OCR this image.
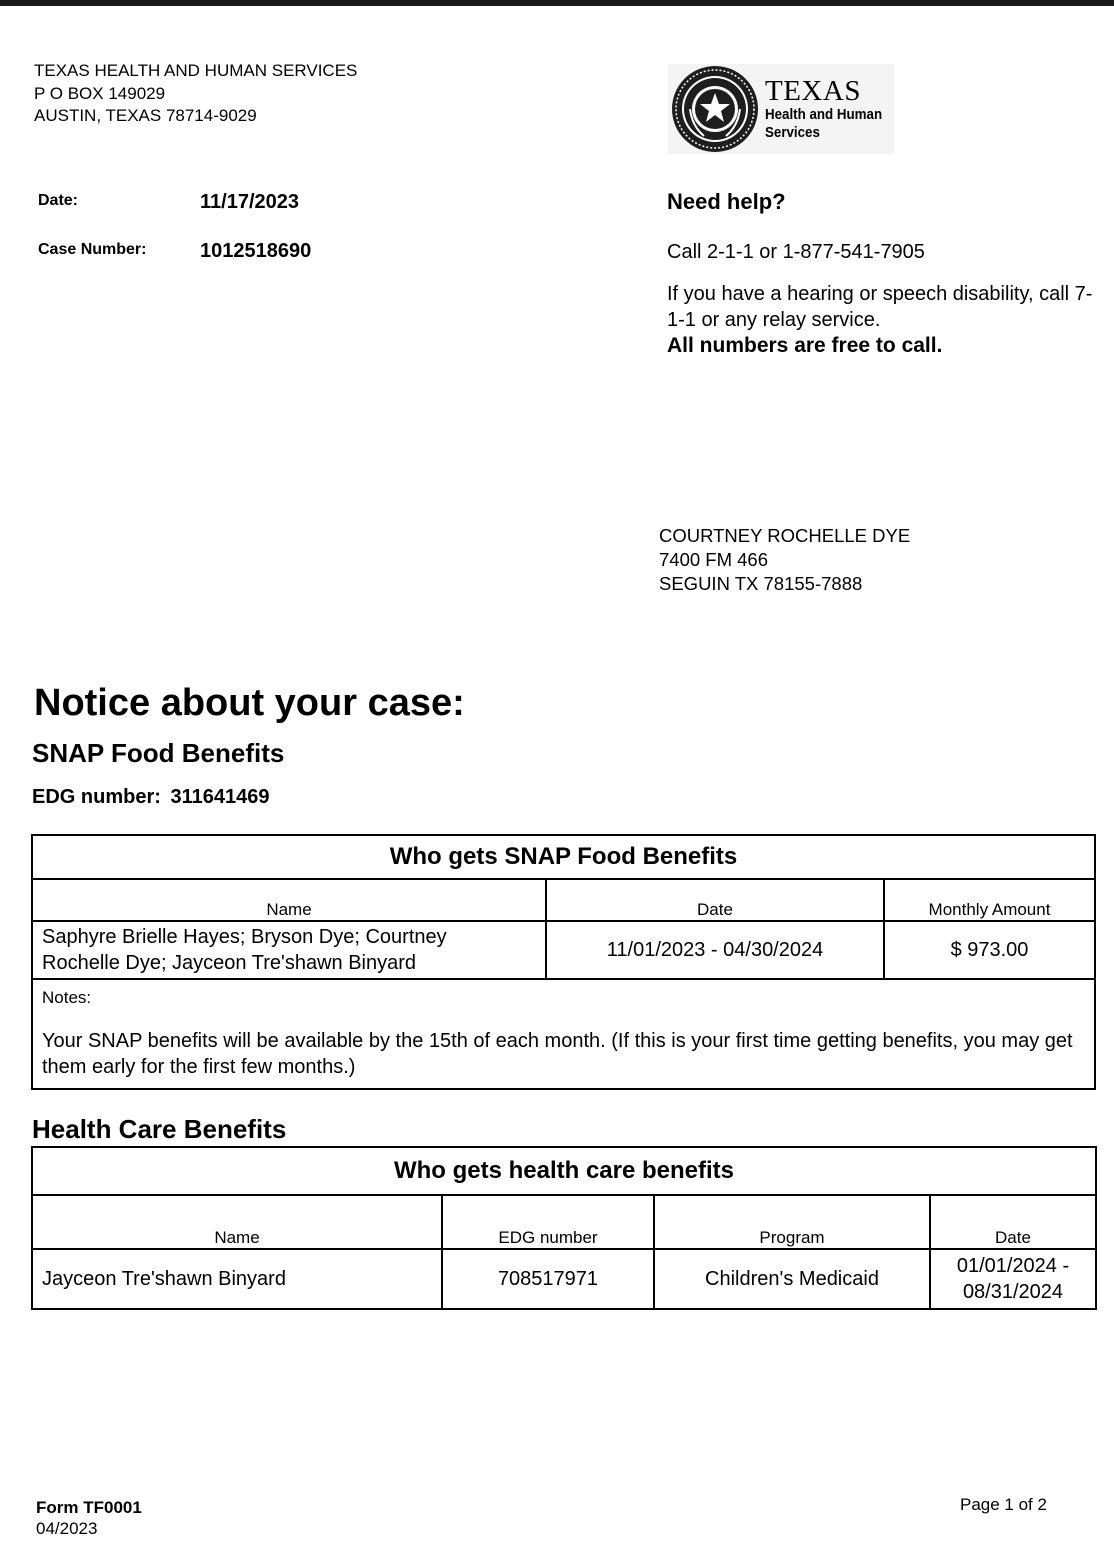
TEXAS HEALTH AND HUMAN SERVICES
P O BOX 149029
AUSTIN, TEXAS 78714-9029
TEXAS
Health and Human
Services
Date:	11/17/2023
Case Number:	1012518690
Need help?
Call 2-1-1 or 1-877-541-7905
If you have a hearing or speech disability, call 7-1-1 or any relay service.
All numbers are free to call.
COURTNEY ROCHELLE DYE
7400 FM 466
SEGUIN TX 78155-7888
Notice about your case:
SNAP Food Benefits
EDG number: 311641469
Who gets SNAP Food Benefits		
Name	Date	Monthly Amount

Saphyre Brielle Hayes; Bryson Dye; Courtney
Rochelle Dye; Jayceon Tre'shawn Binyard	11/01/2023 - 04/30/2024	$ 973.00

Notes:
Your SNAP benefits will be available by the 15th of each month. (If this is your first time getting benefits, you may get them early for the first few months.)		
Health Care Benefits
Who gets health care benefits			
Name	EDG number	Program	Date
Jayceon Tre'shawn Binyard	708517971	Children's Medicaid	01/01/2024 -
08/31/2024
Form TF0001
04/2023
Page 1 of 2
